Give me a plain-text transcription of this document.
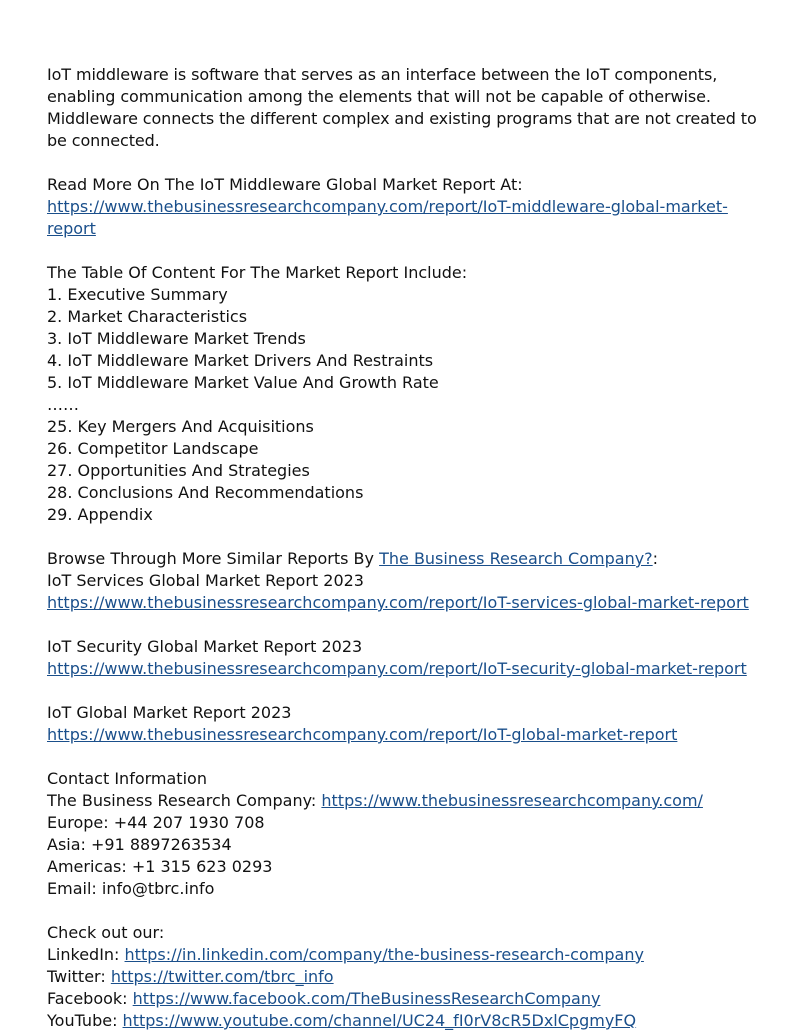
IoT middleware is software that serves as an interface between the IoT components, enabling communication among the elements that will not be capable of otherwise. Middleware connects the different complex and existing programs that are not created to be connected.

Read More On The IoT Middleware Global Market Report At:

https://www.thebusinessresearchcompany.com/report/IoT-middleware-global-market-report

The Table Of Content For The Market Report Include:

1. Executive Summary

2. Market Characteristics

3. IoT Middleware Market Trends

4. IoT Middleware Market Drivers And Restraints

5. IoT Middleware Market Value And Growth Rate

……

25. Key Mergers And Acquisitions

26. Competitor Landscape

27. Opportunities And Strategies

28. Conclusions And Recommendations

29. Appendix

Browse Through More Similar Reports By The Business Research Company?:

IoT Services Global Market Report 2023

https://www.thebusinessresearchcompany.com/report/IoT-services-global-market-report

IoT Security Global Market Report 2023

https://www.thebusinessresearchcompany.com/report/IoT-security-global-market-report

IoT Global Market Report 2023

https://www.thebusinessresearchcompany.com/report/IoT-global-market-report

Contact Information

The Business Research Company: https://www.thebusinessresearchcompany.com/

Europe: +44 207 1930 708

Asia: +91 8897263534

Americas: +1 315 623 0293

Email: info@tbrc.info

Check out our:

LinkedIn: https://in.linkedin.com/company/the-business-research-company

Twitter: https://twitter.com/tbrc_info

Facebook: https://www.facebook.com/TheBusinessResearchCompany

YouTube: https://www.youtube.com/channel/UC24_fI0rV8cR5DxlCpgmyFQ
